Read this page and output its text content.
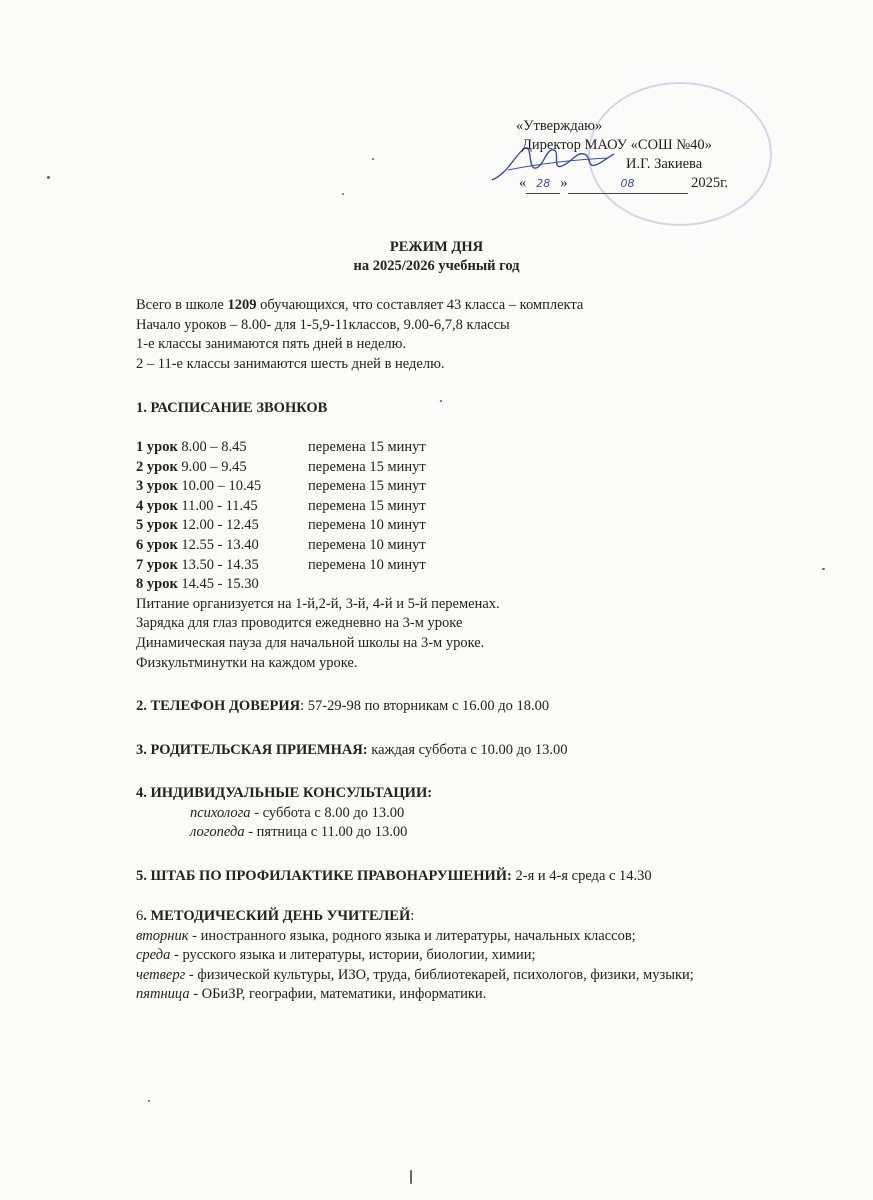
«Утверждаю»
Директор МАОУ «СОШ №40»
И.Г. Закиева
« 28 »	08	2025г.
РЕЖИМ ДНЯ
на 2025/2026 учебный год
Всего в школе 1209 обучающихся, что составляет 43 класса – комплекта
Начало уроков – 8.00- для 1-5,9-11классов, 9.00-6,7,8 классы
1-е классы занимаются пять дней в неделю.
2 – 11-е классы занимаются шесть дней в неделю.
1. РАСПИСАНИЕ ЗВОНКОВ
1 урок 8.00 – 8.45	перемена 15 минут
2 урок 9.00 – 9.45	перемена 15 минут
3 урок 10.00 – 10.45	перемена 15 минут
4 урок 11.00 - 11.45	перемена 15 минут
5 урок 12.00 - 12.45	перемена 10 минут
6 урок 12.55 - 13.40	перемена 10 минут
7 урок 13.50 - 14.35	перемена 10 минут
8 урок 14.45 - 15.30
Питание организуется на 1-й,2-й, 3-й, 4-й и 5-й переменах.
Зарядка для глаз проводится ежедневно на 3-м уроке
Динамическая пауза для начальной школы на 3-м уроке.
Физкультминутки на каждом уроке.
2. ТЕЛЕФОН ДОВЕРИЯ: 57-29-98 по вторникам с 16.00 до 18.00
3. РОДИТЕЛЬСКАЯ ПРИЕМНАЯ: каждая суббота с 10.00 до 13.00
4. ИНДИВИДУАЛЬНЫЕ КОНСУЛЬТАЦИИ:
психолога - суббота с 8.00 до 13.00
логопеда - пятница с 11.00 до 13.00
5. ШТАБ ПО ПРОФИЛАКТИКЕ ПРАВОНАРУШЕНИЙ: 2-я и 4-я среда с 14.30
6. МЕТОДИЧЕСКИЙ ДЕНЬ УЧИТЕЛЕЙ:
вторник - иностранного языка, родного языка и литературы, начальных классов;
среда - русского языка и литературы, истории, биологии, химии;
четверг - физической культуры, ИЗО, труда, библиотекарей, психологов, физики, музыки;
пятница - ОБиЗР, географии, математики, информатики.
